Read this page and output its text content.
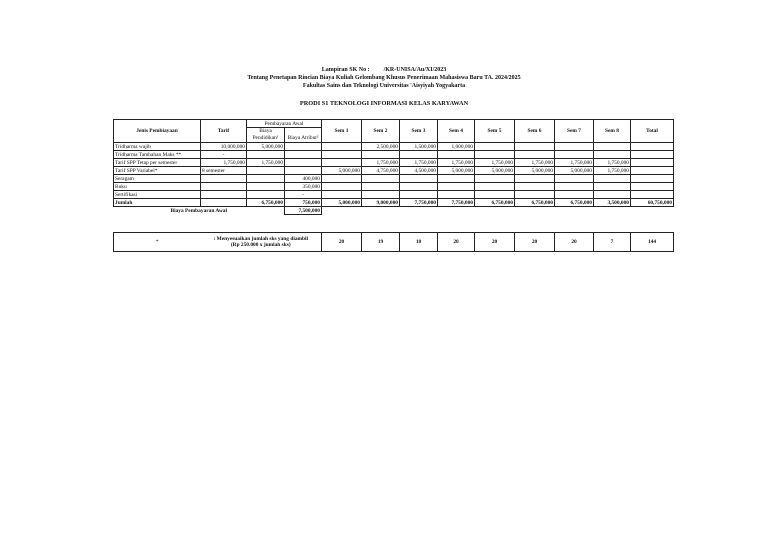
Lampiran SK No : /KR-UNISA/Au/XI/2023
Tentang Penetapan Rincian Biaya Kuliah Gelombang Khusus Penerimaan Mahasiswa Baru TA. 2024/2025
Fakultas Sains dan Teknologi Universitas 'Aisyiyah Yogyakarta
PRODI S1 TEKNOLOGI INFORMASI KELAS KARYAWAN
Jenis Pembiayaan	Tarif	Pembayaran Awal		Sem 1	Sem 2	Sem 3	Sem 4	Sem 5	Sem 6	Sem 7	Sem 8	Total
		Biaya Pendidikan¹										
			Biaya Atribut²									
Tridharma wajib	10,000,000	5,000,000			2,500,000	1,500,000	1,000,000					
Tridharma Tambahan Maks **	-											
Tarif SPP Tetap per semester	1,750,000	1,750,000			1,750,000	1,750,000	1,750,000	1,750,000	1,750,000	1,750,000	1,750,000	
Tarif SPP Variabel*	8 semester			5,000,000	4,750,000	4,500,000	5,000,000	5,000,000	5,000,000	5,000,000	1,750,000	
Seragam			400,000									
Buku			350,000									
Sertifikasi			-									
Jumlah		6,750,000	750,000	5,000,000	9,000,000	7,750,000	7,750,000	6,750,000	6,750,000	6,750,000	3,500,000	60,750,000
Biaya Pembayaran Awal			7,500,000									
*	
: Menyesuaikan jumlah sks yang diambil
(Rp 250.000 x jumlah sks)	20	19	18	20	20	20	20	7	144
